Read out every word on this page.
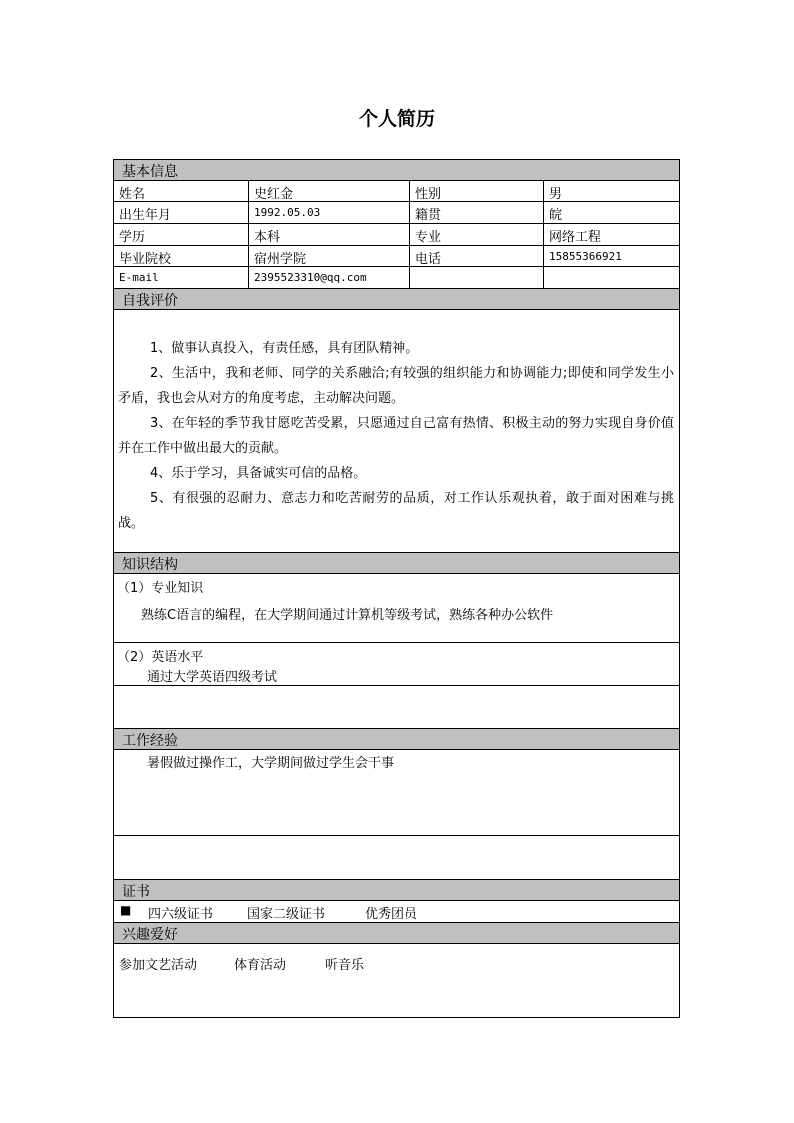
个人简历
基本信息
自我评价
知识结构
工作经验
证书
兴趣爱好
姓名	史红金	性别	男
出生年月	1992.05.03	籍贯	皖
学历	本科	专业	网络工程
毕业院校	宿州学院	电话	15855366921
E-mail	2395523310@qq.com
1、做事认真投入，有责任感，具有团队精神。
2、生活中，我和老师、同学的关系融洽;有较强的组织能力和协调能力;即使和同学发生小矛盾，我也会从对方的角度考虑，主动解决问题。
3、在年轻的季节我甘愿吃苦受累，只愿通过自己富有热情、积极主动的努力实现自身价值并在工作中做出最大的贡献。
4、乐于学习，具备诚实可信的品格。
5、有很强的忍耐力、意志力和吃苦耐劳的品质，对工作认乐观执着，敢于面对困难与挑战。
（1）专业知识
熟练C语言的编程，在大学期间通过计算机等级考试，熟练各种办公软件
（2）英语水平
通过大学英语四级考试
暑假做过操作工，大学期间做过学生会干事
■ 四六级证书	国家二级证书	优秀团员
参加文艺活动	体育活动	听音乐
